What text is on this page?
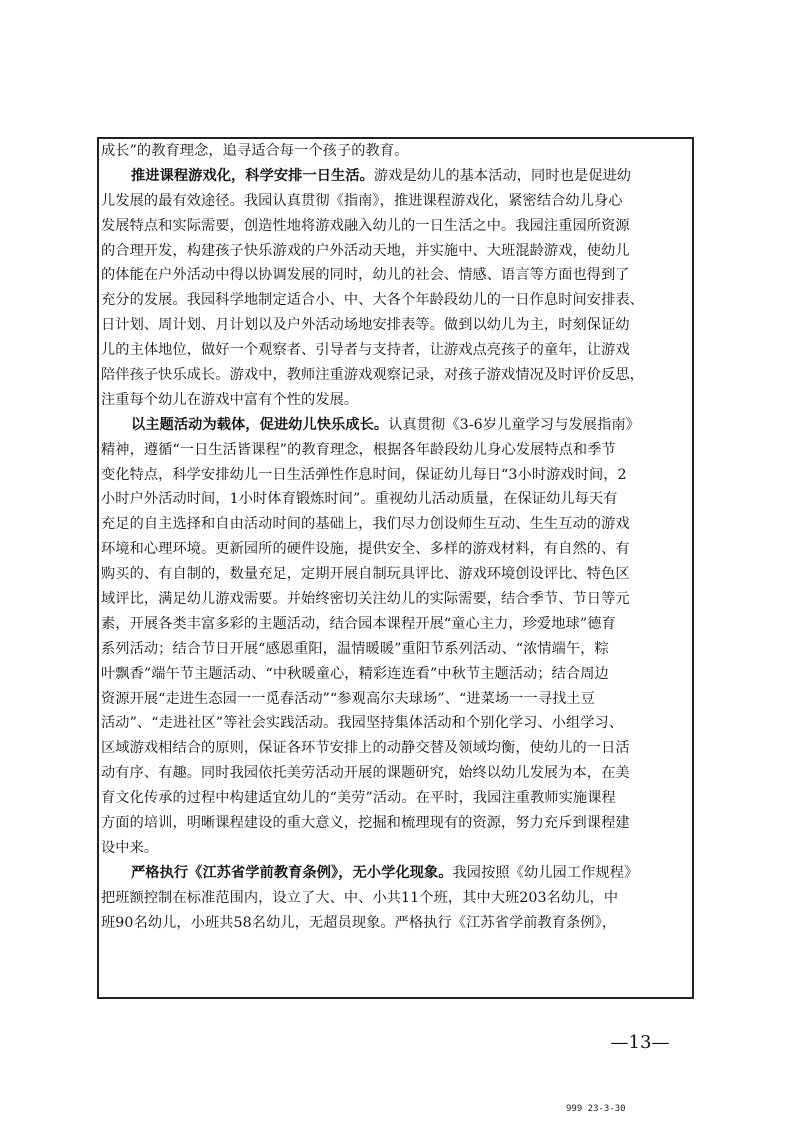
成长”的教育理念，追寻适合每一个孩子的教育。
推进课程游戏化，科学安排一日生活。游戏是幼儿的基本活动，同时也是促进幼
儿发展的最有效途径。我园认真贯彻《指南》，推进课程游戏化，紧密结合幼儿身心
发展特点和实际需要，创造性地将游戏融入幼儿的一日生活之中。我园注重园所资源
的合理开发，构建孩子快乐游戏的户外活动天地，并实施中、大班混龄游戏，使幼儿
的体能在户外活动中得以协调发展的同时，幼儿的社会、情感、语言等方面也得到了
充分的发展。我园科学地制定适合小、中、大各个年龄段幼儿的一日作息时间安排表、
日计划、周计划、月计划以及户外活动场地安排表等。做到以幼儿为主，时刻保证幼
儿的主体地位，做好一个观察者、引导者与支持者，让游戏点亮孩子的童年，让游戏
陪伴孩子快乐成长。游戏中，教师注重游戏观察记录，对孩子游戏情况及时评价反思，
注重每个幼儿在游戏中富有个性的发展。
以主题活动为载体，促进幼儿快乐成长。认真贯彻《3-6岁儿童学习与发展指南》
精神，遵循“一日生活皆课程”的教育理念，根据各年龄段幼儿身心发展特点和季节
变化特点，科学安排幼儿一日生活弹性作息时间，保证幼儿每日“3小时游戏时间，2
小时户外活动时间，1小时体育锻炼时间”。重视幼儿活动质量，在保证幼儿每天有
充足的自主选择和自由活动时间的基础上，我们尽力创设师生互动、生生互动的游戏
环境和心理环境。更新园所的硬件设施，提供安全、多样的游戏材料，有自然的、有
购买的、有自制的，数量充足，定期开展自制玩具评比、游戏环境创设评比、特色区
域评比，满足幼儿游戏需要。并始终密切关注幼儿的实际需要，结合季节、节日等元
素，开展各类丰富多彩的主题活动，结合园本课程开展“童心主力，珍爱地球”德育
系列活动；结合节日开展“感恩重阳，温情暖暖”重阳节系列活动、“浓情端午，粽
叶飘香”端午节主题活动、“中秋暖童心，精彩连连看”中秋节主题活动；结合周边
资源开展“走进生态园一一觅春活动”“参观高尔夫球场”、“进菜场一一寻找土豆
活动”、“走进社区”等社会实践活动。我园坚持集体活动和个别化学习、小组学习、
区域游戏相结合的原则，保证各环节安排上的动静交替及领域均衡，使幼儿的一日活
动有序、有趣。同时我园依托美劳活动开展的课题研究，始终以幼儿发展为本，在美
育文化传承的过程中构建适宜幼儿的“美劳”活动。在平时，我园注重教师实施课程
方面的培训，明晰课程建设的重大意义，挖掘和梳理现有的资源，努力充斥到课程建
设中来。
严格执行《江苏省学前教育条例》，无小学化现象。我园按照《幼儿园工作规程》
把班额控制在标准范围内，设立了大、中、小共11个班，其中大班203名幼儿，中
班90名幼儿，小班共58名幼儿，无超员现象。严格执行《江苏省学前教育条例》，
—13—
999 23-3-30
